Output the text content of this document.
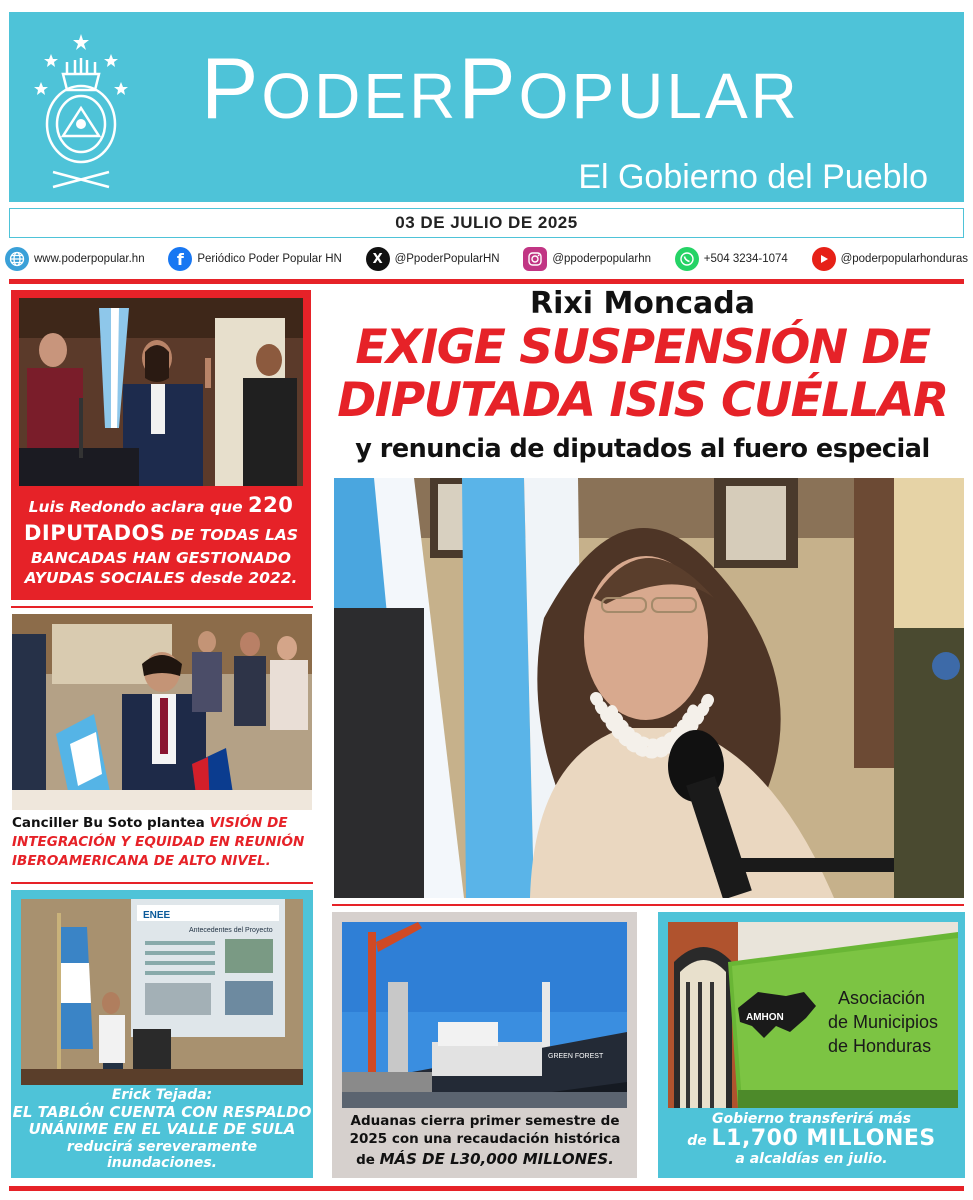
PODERPOPULAR
El Gobierno del Pueblo
03 DE JULIO DE 2025
www.poderpopular.hn	f	Periódico Poder Popular HN	X	@PpoderPopularHN	@ppoderpopularhn	+504 3234-1074	@poderpopularhonduras
Luis Redondo aclara que 220
DIPUTADOS DE TODAS LAS
BANCADAS HAN GESTIONADO
AYUDAS SOCIALES desde 2022.
Canciller Bu Soto plantea VISIÓN DE INTEGRACIÓN Y EQUIDAD EN REUNIÓN IBEROAMERICANA DE ALTO NIVEL.
ENEE
Antecedentes del Proyecto
Erick Tejada:
EL TABLÓN CUENTA CON RESPALDO UNÁNIME EN EL VALLE DE SULA
reducirá sereveramente inundaciones.
Rixi Moncada
EXIGE SUSPENSIÓN DE
DIPUTADA ISIS CUÉLLAR
y renuncia de diputados al fuero especial
GREEN FOREST
Aduanas cierra primer semestre de 2025 con una recaudación histórica de MÁS DE L30,000 MILLONES.
AMHON
Asociación
de Municipios
de Honduras
Gobierno transferirá más
de L1,700 MILLONES
a alcaldías en julio.
